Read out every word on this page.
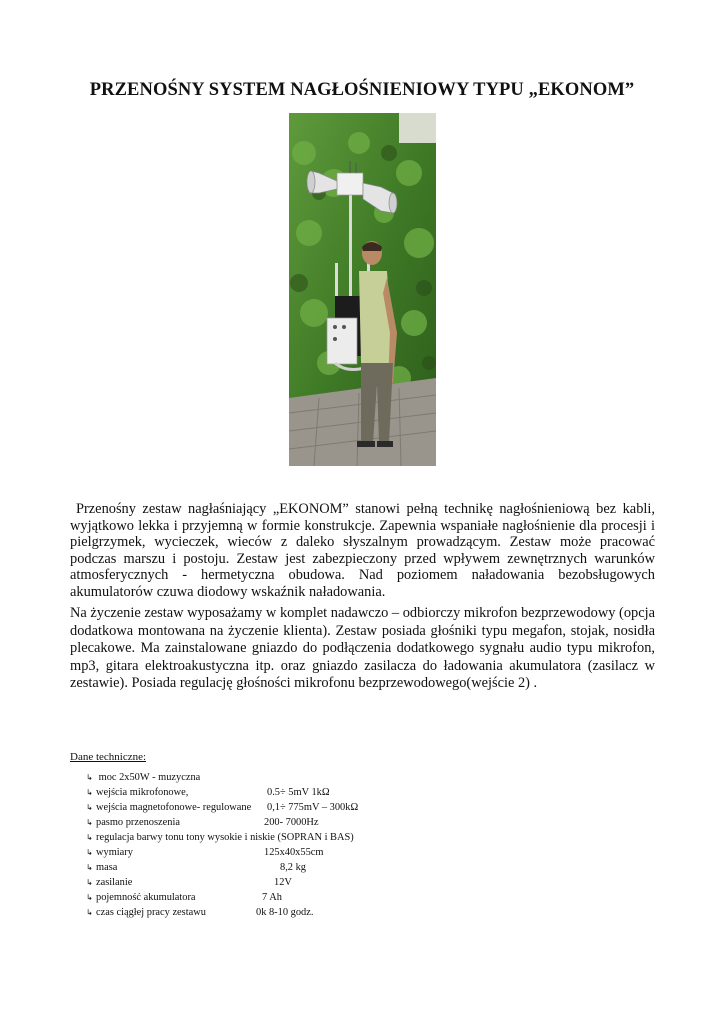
PRZENOŚNY SYSTEM NAGŁOŚNIENIOWY TYPU „EKONOM”

Przenośny zestaw nagłaśniający „EKONOM” stanowi pełną technikę nagłośnieniową bez kabli, wyjątkowo lekka i przyjemną w formie konstrukcje. Zapewnia wspaniałe nagłośnienie dla procesji i pielgrzymek, wycieczek, wieców z daleko słyszalnym prowadzącym. Zestaw może pracować podczas marszu i postoju. Zestaw jest zabezpieczony przed wpływem zewnętrznych warunków atmosferycznych - hermetyczna obudowa. Nad poziomem naładowania bezobsługowych akumulatorów czuwa diodowy wskaźnik naładowania.

Na życzenie zestaw wyposażamy w komplet nadawczo – odbiorczy mikrofon bezprzewodowy (opcja dodatkowa montowana na życzenie klienta). Zestaw posiada głośniki typu megafon, stojak, nosidła plecakowe. Ma zainstalowane gniazdo do podłączenia dodatkowego sygnału audio typu mikrofon, mp3, gitara elektroakustyczna itp. oraz gniazdo zasilacza do ładowania akumulatora (zasilacz w zestawie). Posiada regulację głośności mikrofonu bezprzewodowego(wejście 2) .

Dane techniczne:

↳ moc 2x50W - muzyczna
↳ wejścia mikrofonowe,	0.5÷ 5mV 1kΩ
↳ wejścia magnetofonowe- regulowane 0,1÷ 775mV – 300kΩ
↳ pasmo przenoszenia	200- 7000Hz
↳ regulacja barwy tonu tony wysokie i niskie (SOPRAN i BAS)
↳ wymiary	125x40x55cm
↳ masa	8,2 kg
↳ zasilanie	12V
↳ pojemność akumulatora	7 Ah
↳ czas ciągłej pracy zestawu	0k 8-10 godz.
